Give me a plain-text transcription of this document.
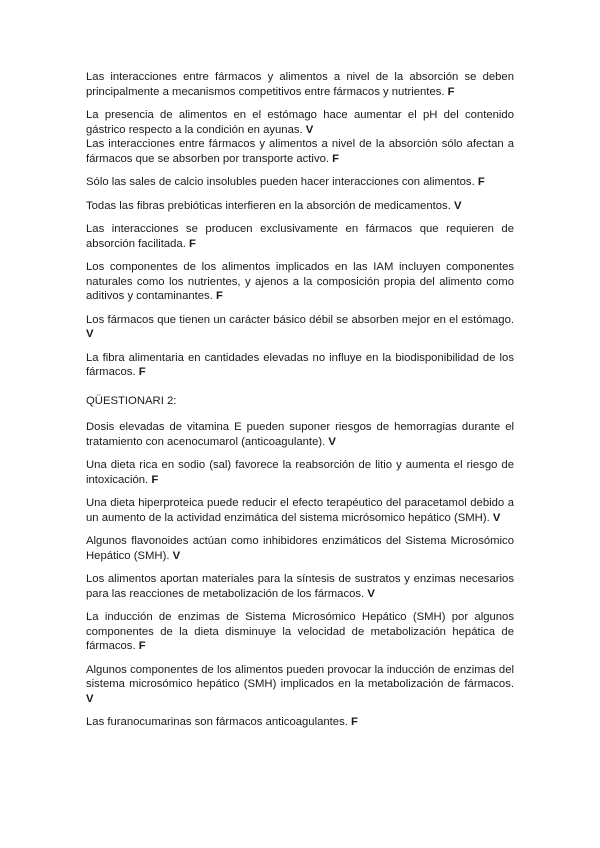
Las interacciones entre fármacos y alimentos a nivel de la absorción se deben principalmente a mecanismos competitivos entre fármacos y nutrientes. F

La presencia de alimentos en el estómago hace aumentar el pH del contenido gástrico respecto a la condición en ayunas. V

Las interacciones entre fármacos y alimentos a nivel de la absorción sólo afectan a fármacos que se absorben por transporte activo. F

Sólo las sales de calcio insolubles pueden hacer interacciones con alimentos. F

Todas las fibras prebióticas interfieren en la absorción de medicamentos. V

Las interacciones se producen exclusivamente en fármacos que requieren de absorción facilitada. F

Los componentes de los alimentos implicados en las IAM incluyen componentes naturales como los nutrientes, y ajenos a la composición propia del alimento como aditivos y contaminantes. F

Los fármacos que tienen un carácter básico débil se absorben mejor en el estómago. V

La fibra alimentaria en cantidades elevadas no influye en la biodisponibilidad de los fármacos. F

QÜESTIONARI 2:

Dosis elevadas de vitamina E pueden suponer riesgos de hemorragias durante el tratamiento con acenocumarol (anticoagulante). V

Una dieta rica en sodio (sal) favorece la reabsorción de litio y aumenta el riesgo de intoxicación. F

Una dieta hiperproteica puede reducir el efecto terapéutico del paracetamol debido a un aumento de la actividad enzimática del sistema micrósomico hepático (SMH). V

Algunos flavonoides actúan como inhibidores enzimáticos del Sistema Microsómico Hepático (SMH). V

Los alimentos aportan materiales para la síntesis de sustratos y enzimas necesarios para las reacciones de metabolización de los fármacos. V

La inducción de enzimas de Sistema Microsómico Hepático (SMH) por algunos componentes de la dieta disminuye la velocidad de metabolización hepática de fármacos. F

Algunos componentes de los alimentos pueden provocar la inducción de enzimas del sistema microsómico hepático (SMH) implicados en la metabolización de fármacos. V

Las furanocumarinas son fármacos anticoagulantes. F
